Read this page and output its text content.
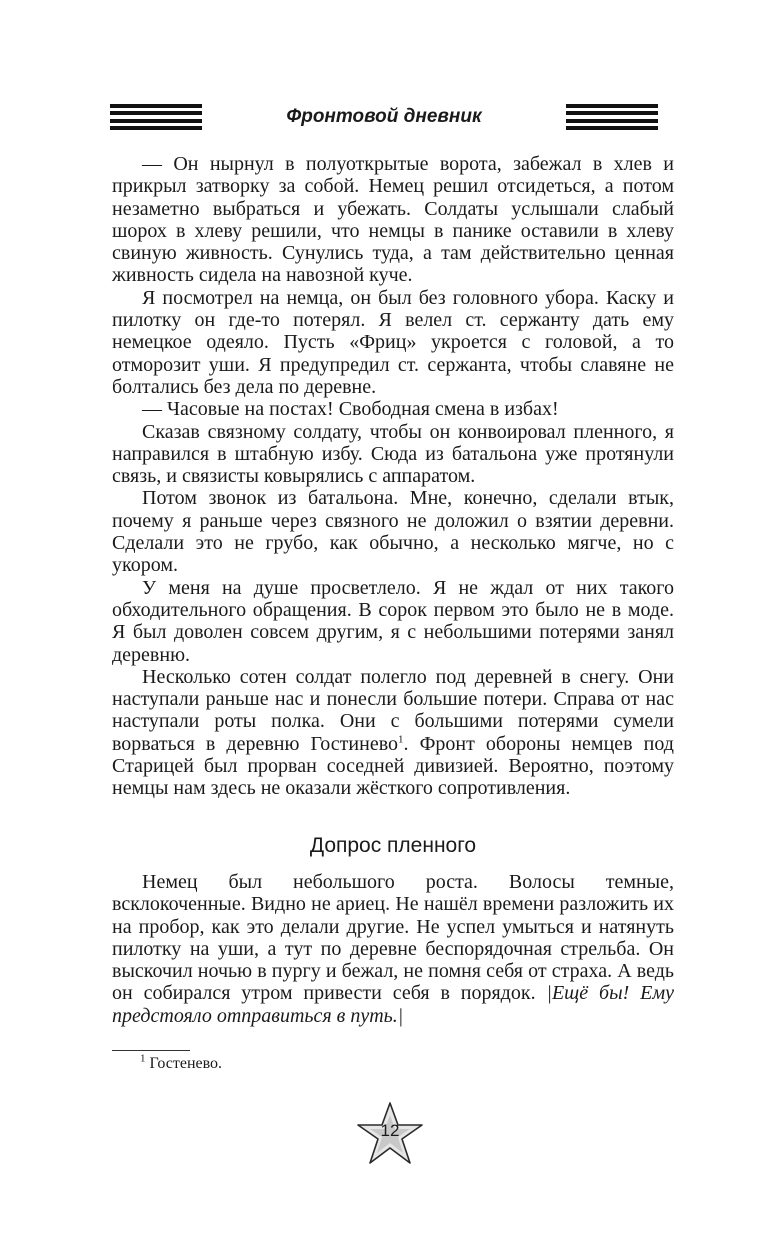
Фронтовой дневник

— Он нырнул в полуоткрытые ворота, забежал в хлев и прикрыл затворку за собой. Немец решил отсидеться, а потом незаметно выбраться и убежать. Солдаты услышали слабый шорох в хлеву решили, что немцы в панике оставили в хлеву свиную живность. Сунулись туда, а там действительно ценная живность сидела на навозной куче.

Я посмотрел на немца, он был без головного убора. Каску и пилотку он где-то потерял. Я велел ст. сержанту дать ему немецкое одеяло. Пусть «Фриц» укроется с головой, а то отморозит уши. Я предупредил ст. сержанта, чтобы славяне не болтались без дела по деревне.

— Часовые на постах! Свободная смена в избах!

Сказав связному солдату, чтобы он конвоировал пленного, я направился в штабную избу. Сюда из батальона уже протянули связь, и связисты ковырялись с аппаратом.

Потом звонок из батальона. Мне, конечно, сделали втык, почему я раньше через связного не доложил о взятии деревни. Сделали это не грубо, как обычно, а несколько мягче, но с укором.

У меня на душе просветлело. Я не ждал от них такого обходительного обращения. В сорок первом это было не в моде. Я был доволен совсем другим, я с небольшими потерями занял деревню.

Несколько сотен солдат полегло под деревней в снегу. Они наступали раньше нас и понесли большие потери. Справа от нас наступали роты полка. Они с большими потерями сумели ворваться в деревню Гостинево$^1$. Фронт обороны немцев под Старицей был прорван соседней дивизией. Вероятно, поэтому немцы нам здесь не оказали жёсткого сопротивления.

Допрос пленного

Немец был небольшого роста. Волосы темные, всклокоченные. Видно не ариец. Не нашёл времени разложить их на пробор, как это делали другие. Не успел умыться и натянуть пилотку на уши, а тут по деревне беспорядочная стрельба. Он выскочил ночью в пургу и бежал, не помня себя от страха. А ведь он собирался утром привести себя в порядок. |Ещё бы! Ему предстояло отправиться в путь.|

$^1$ Гостенево.
12
